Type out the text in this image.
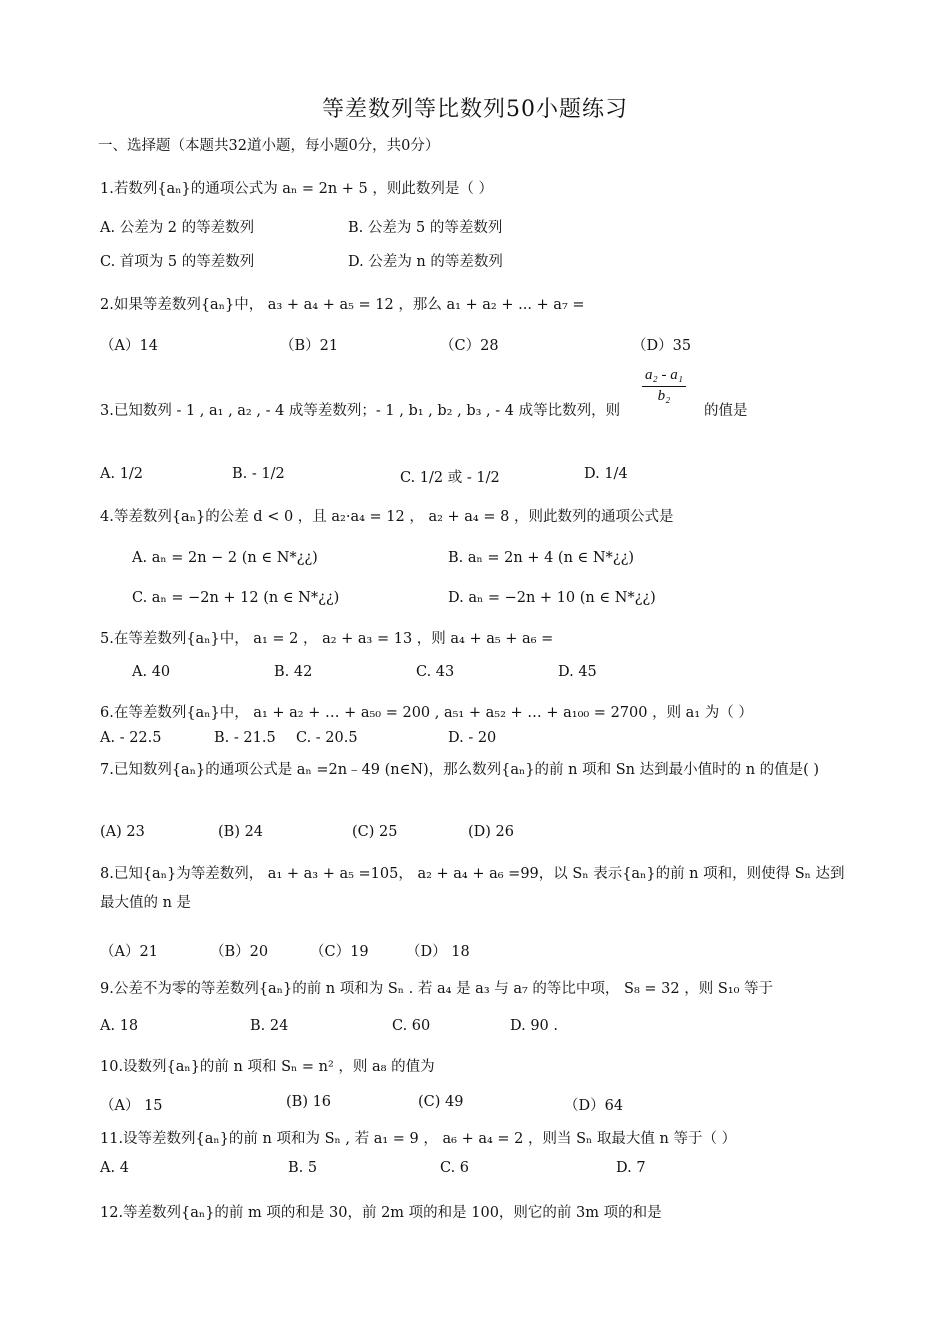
等差数列等比数列50小题练习
一、选择题（本题共32道小题，每小题0分，共0分）
1.若数列{aₙ}的通项公式为 aₙ = 2n + 5 ，则此数列是（ ）
A. 公差为 2 的等差数列	B. 公差为 5 的等差数列
C. 首项为 5 的等差数列	D. 公差为 n 的等差数列
2.如果等差数列{aₙ}中， a₃ + a₄ + a₅ = 12 ，那么 a₁ + a₂ + ... + a₇ =
（A）14	（B）21	（C）28	（D）35
3.已知数列 - 1 , a₁ , a₂ , - 4 成等差数列；- 1 , b₁ , b₂ , b₃ , - 4 成等比数列，则
$\frac{\text{a₂ - a₁}}{\text{b₂}}$
的值是
A. 1/2	B. - 1/2	C. 1/2 或 - 1/2	D. 1/4
4.等差数列{aₙ}的公差 d < 0 ，且 a₂·a₄ = 12 ， a₂ + a₄ = 8 ，则此数列的通项公式是
A. aₙ = 2n − 2 (n ∈ N*¿¿)	B. aₙ = 2n + 4 (n ∈ N*¿¿)
C. aₙ = −2n + 12 (n ∈ N*¿¿)	D. aₙ = −2n + 10 (n ∈ N*¿¿)
5.在等差数列{aₙ}中， a₁ = 2 ， a₂ + a₃ = 13 ，则 a₄ + a₅ + a₆ =
A. 40	B. 42	C. 43	D. 45
6.在等差数列{aₙ}中， a₁ + a₂ + … + a₅₀ = 200 , a₅₁ + a₅₂ + … + a₁₀₀ = 2700 ，则 a₁ 为（ ）
A. - 22.5	B. - 21.5 C. - 20.5	D. - 20
7.已知数列{aₙ}的通项公式是 aₙ =2n﹣49 (n∈N)，那么数列{aₙ}的前 n 项和 Sn 达到最小值时的 n 的值是( )
(A) 23	(B) 24	(C) 25	(D) 26
8.已知{aₙ}为等差数列， a₁ + a₃ + a₅ =105， a₂ + a₄ + a₆ =99，以 Sₙ 表示{aₙ}的前 n 项和，则使得 Sₙ 达到最大值的 n 是
（A）21	（B）20	（C）19	（D） 18
9.公差不为零的等差数列{aₙ}的前 n 项和为 Sₙ . 若 a₄ 是 a₃ 与 a₇ 的等比中项， S₈ = 32 ，则 S₁₀ 等于
A. 18	B. 24	C. 60	D. 90 .
10.设数列{aₙ}的前 n 项和 Sₙ = n² ，则 a₈ 的值为
（A） 15	(B) 16	(C) 49	（D）64
11.设等差数列{aₙ}的前 n 项和为 Sₙ , 若 a₁ = 9 ， a₆ + a₄ = 2 ，则当 Sₙ 取最大值 n 等于（ ）
A. 4	B. 5	C. 6	D. 7
12.等差数列{aₙ}的前 m 项的和是 30，前 2m 项的和是 100，则它的前 3m 项的和是
